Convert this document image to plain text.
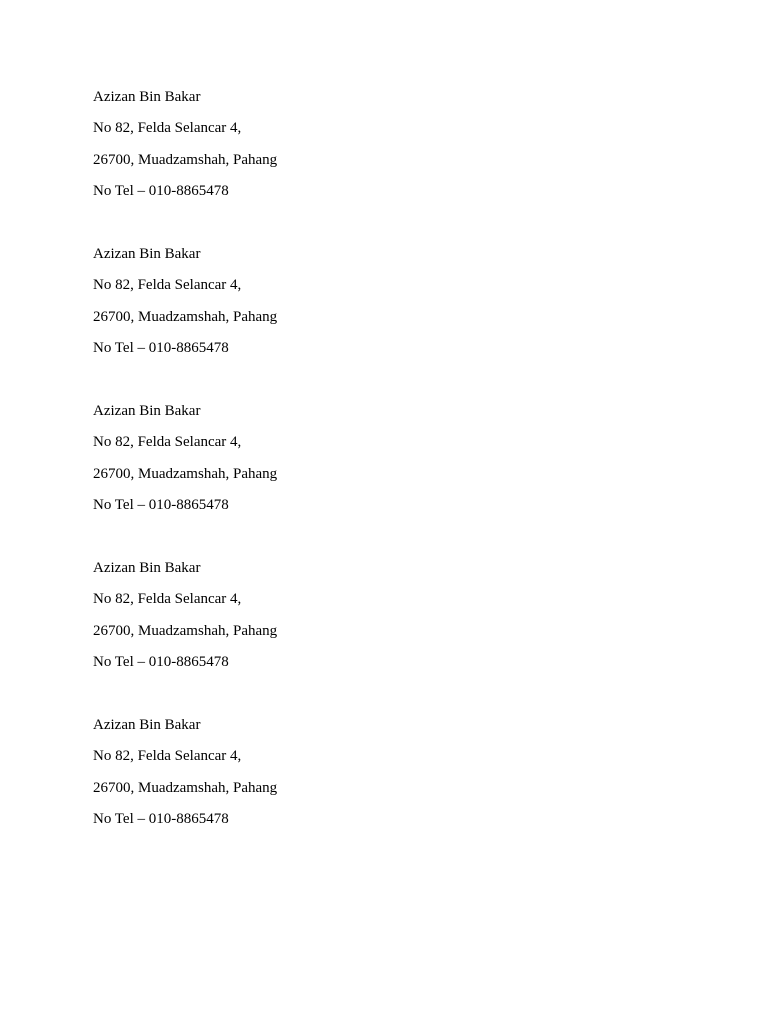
Azizan Bin Bakar
No 82, Felda Selancar 4,
26700, Muadzamshah, Pahang
No Tel – 010-8865478
Azizan Bin Bakar
No 82, Felda Selancar 4,
26700, Muadzamshah, Pahang
No Tel – 010-8865478
Azizan Bin Bakar
No 82, Felda Selancar 4,
26700, Muadzamshah, Pahang
No Tel – 010-8865478
Azizan Bin Bakar
No 82, Felda Selancar 4,
26700, Muadzamshah, Pahang
No Tel – 010-8865478
Azizan Bin Bakar
No 82, Felda Selancar 4,
26700, Muadzamshah, Pahang
No Tel – 010-8865478
